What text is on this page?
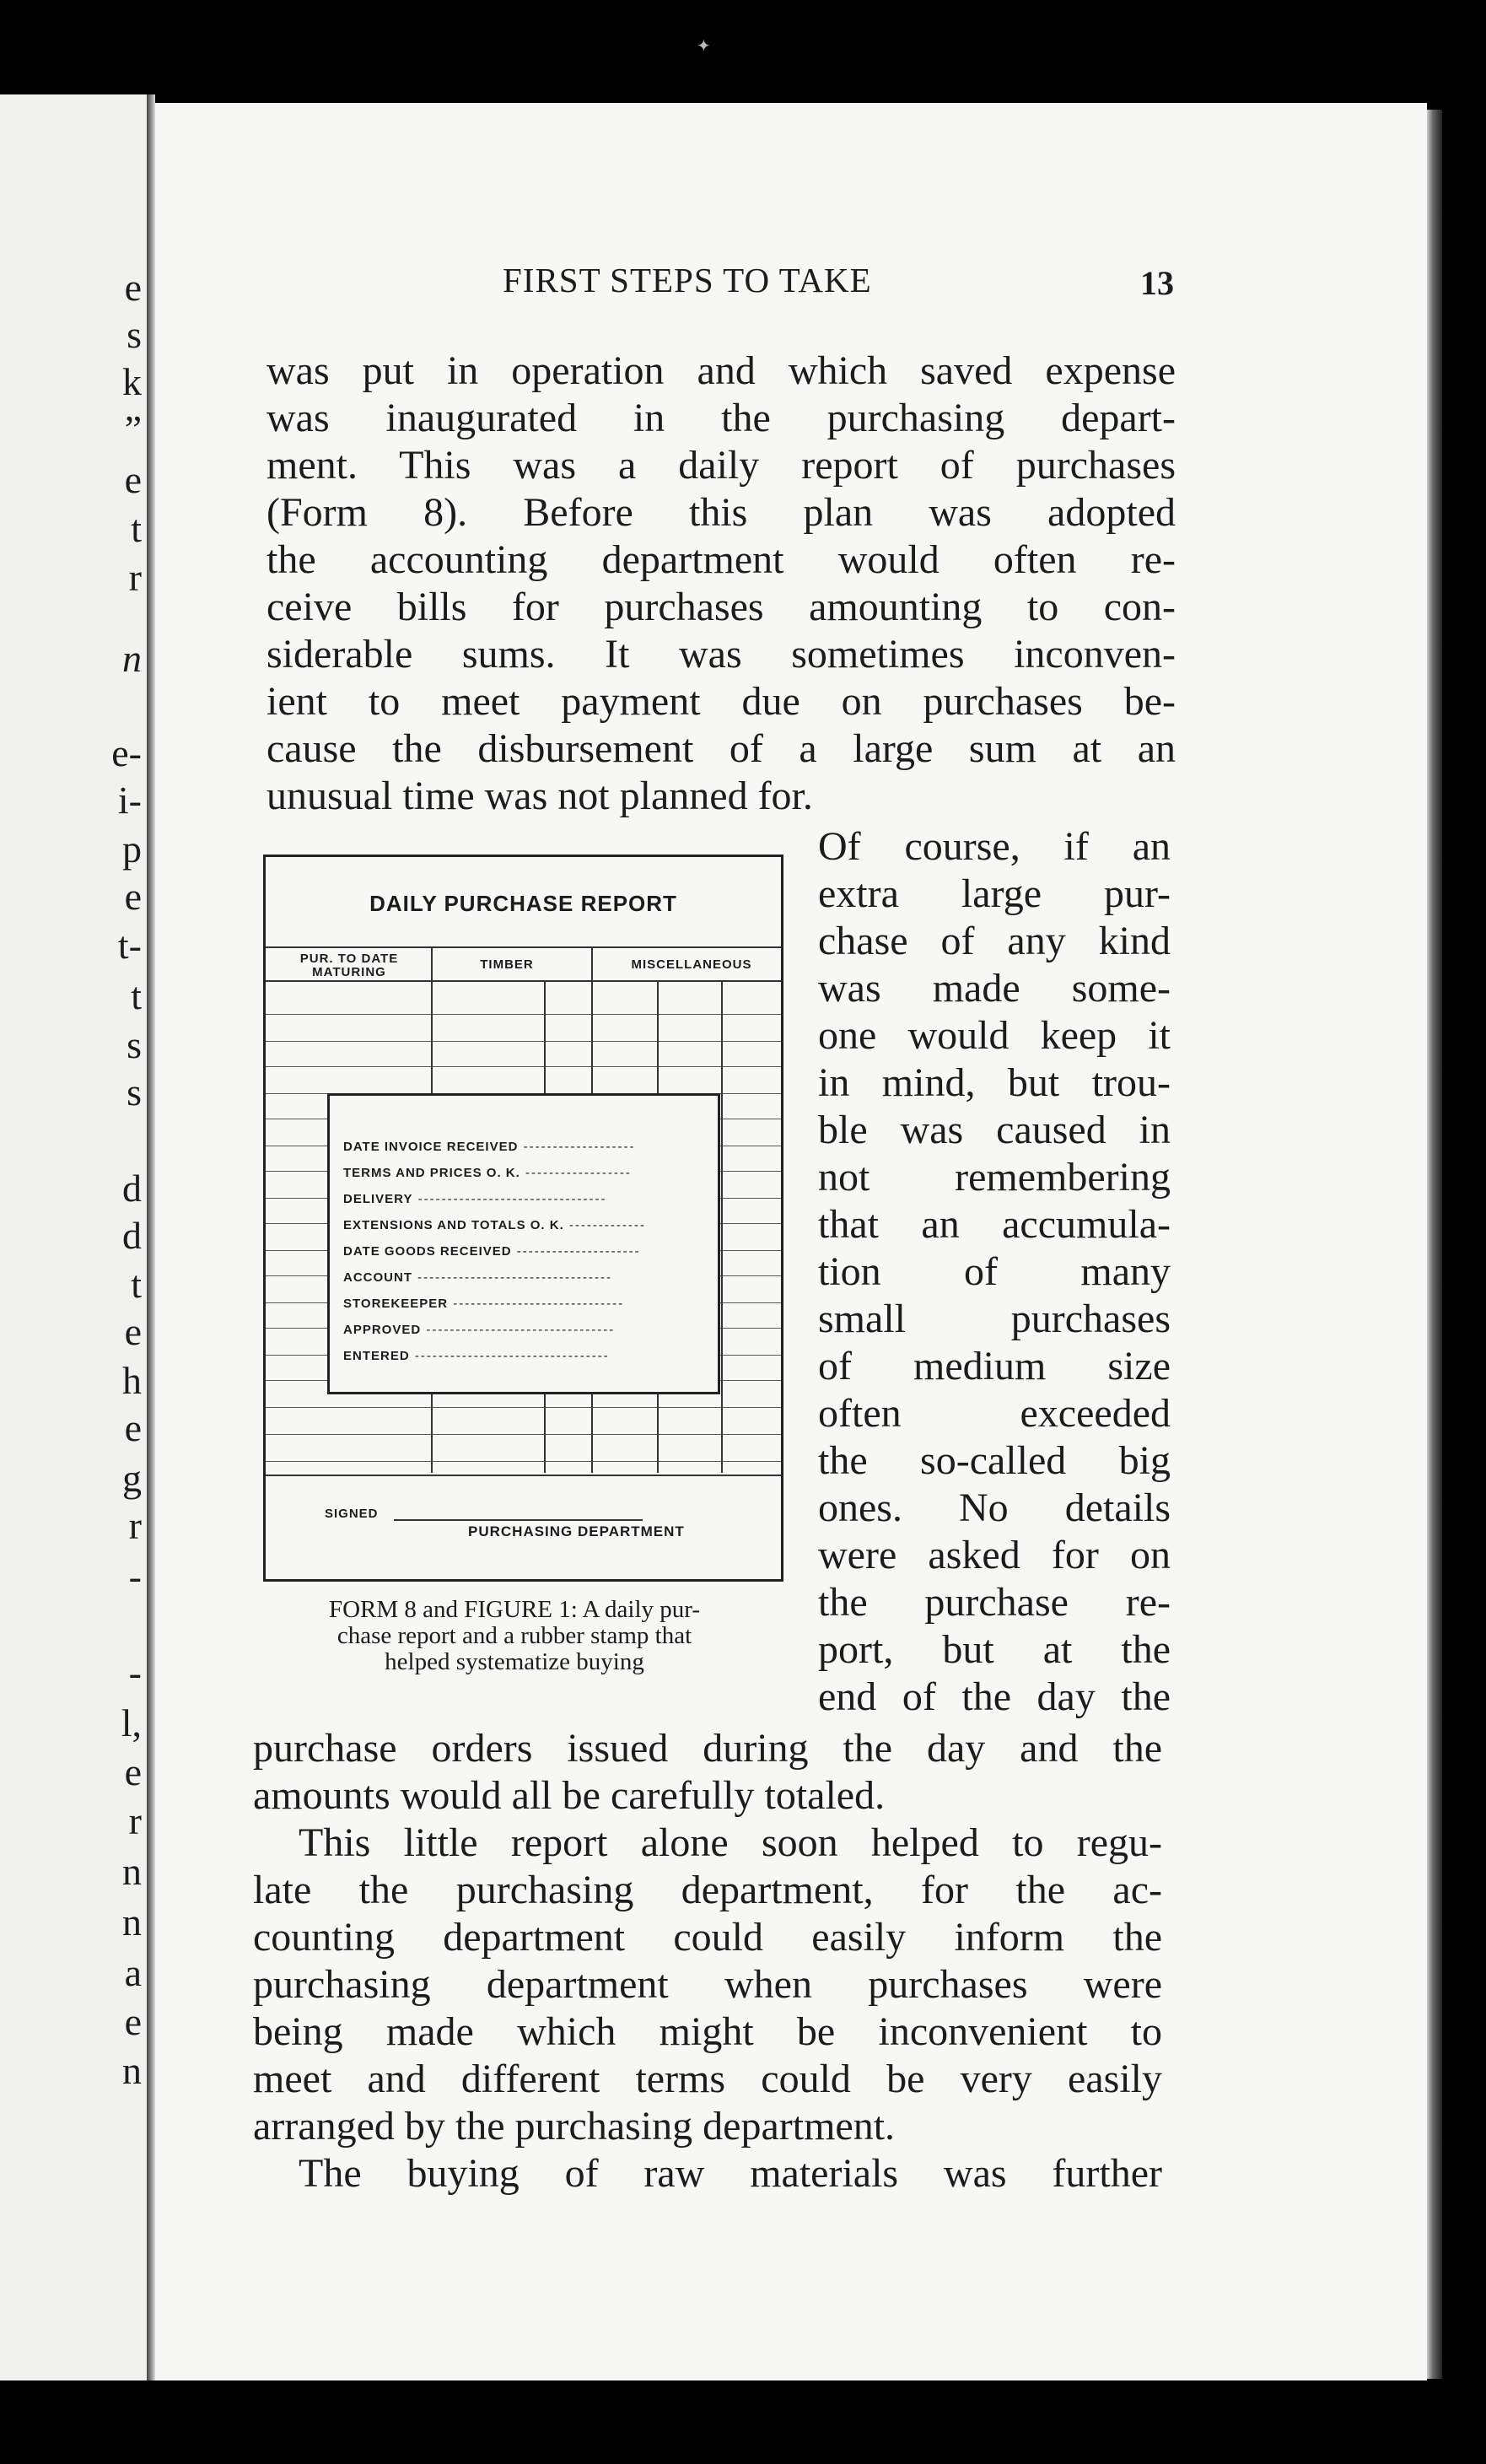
✦
e
s
k
”
e
t
r
n
e-
i-
p
e
t-
t
s
s
d
d
t
e
h
e
g
r
-
-
l,
e
r
n
n
a
e
n
FIRST STEPS TO TAKE	13
was put in operation and which saved expense
was inaugurated in the purchasing depart-
ment. This was a daily report of purchases
(Form 8). Before this plan was adopted
the accounting department would often re-
ceive bills for purchases amounting to con-
siderable sums. It was sometimes inconven-
ient to meet payment due on purchases be-
cause the disbursement of a large sum at an
unusual time was not planned for.
DAILY PURCHASE REPORT
PUR. TO DATE MATURING
TIMBER	MISCELLANEOUS
DATE INVOICE RECEIVED -------------------
TERMS AND PRICES O. K. ------------------
DELIVERY --------------------------------
EXTENSIONS AND TOTALS O. K. -------------
DATE GOODS RECEIVED ---------------------
ACCOUNT ---------------------------------
STOREKEEPER -----------------------------
APPROVED --------------------------------
ENTERED ---------------------------------
SIGNED
PURCHASING DEPARTMENT
FORM 8 and FIGURE 1: A daily pur-
chase report and a rubber stamp that
helped systematize buying
Of course, if an
extra large pur-
chase of any kind
was made some-
one would keep it
in mind, but trou-
ble was caused in
not remembering
that an accumula-
tion of many
small purchases
of medium size
often exceeded
the so-called big
ones. No details
were asked for on
the purchase re-
port, but at the
end of the day the
purchase orders issued during the day and the
amounts would all be carefully totaled.
This little report alone soon helped to regu-
late the purchasing department, for the ac-
counting department could easily inform the
purchasing department when purchases were
being made which might be inconvenient to
meet and different terms could be very easily
arranged by the purchasing department.
The buying of raw materials was further
